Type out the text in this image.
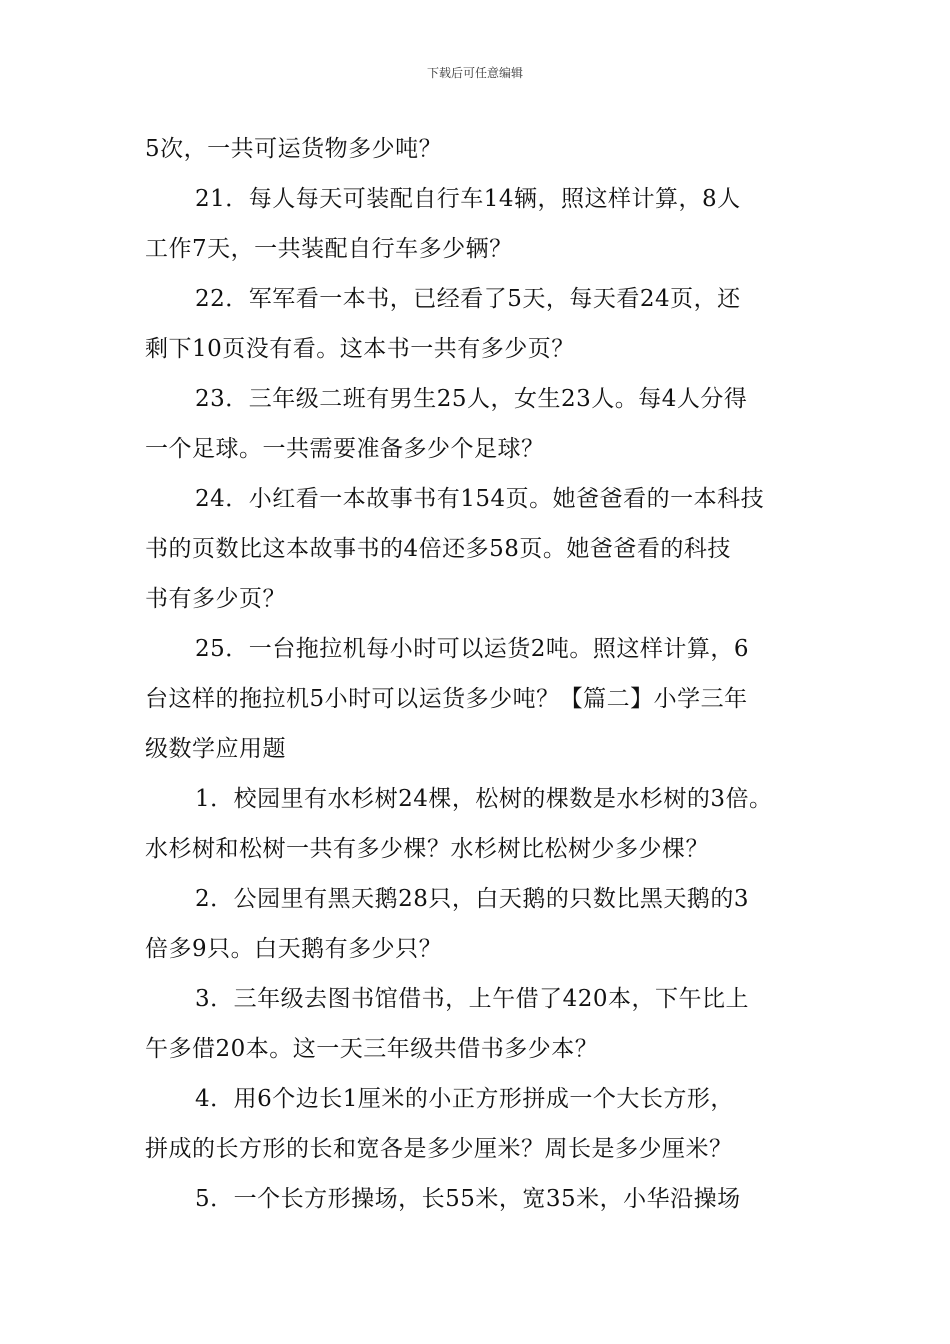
下载后可任意编辑
5次，一共可运货物多少吨？
21．每人每天可装配自行车14辆，照这样计算，8人
工作7天，一共装配自行车多少辆？
22．军军看一本书，已经看了5天，每天看24页，还
剩下10页没有看。这本书一共有多少页？
23．三年级二班有男生25人，女生23人。每4人分得
一个足球。一共需要准备多少个足球？
24．小红看一本故事书有154页。她爸爸看的一本科技
书的页数比这本故事书的4倍还多58页。她爸爸看的科技
书有多少页？
25．一台拖拉机每小时可以运货2吨。照这样计算，6
台这样的拖拉机5小时可以运货多少吨？【篇二】小学三年
级数学应用题
1．校园里有水杉树24棵，松树的棵数是水杉树的3倍。
水杉树和松树一共有多少棵？水杉树比松树少多少棵？
2．公园里有黑天鹅28只，白天鹅的只数比黑天鹅的3
倍多9只。白天鹅有多少只？
3．三年级去图书馆借书，上午借了420本，下午比上
午多借20本。这一天三年级共借书多少本？
4．用6个边长1厘米的小正方形拼成一个大长方形，
拼成的长方形的长和宽各是多少厘米？周长是多少厘米？
5．一个长方形操场，长55米，宽35米，小华沿操场
